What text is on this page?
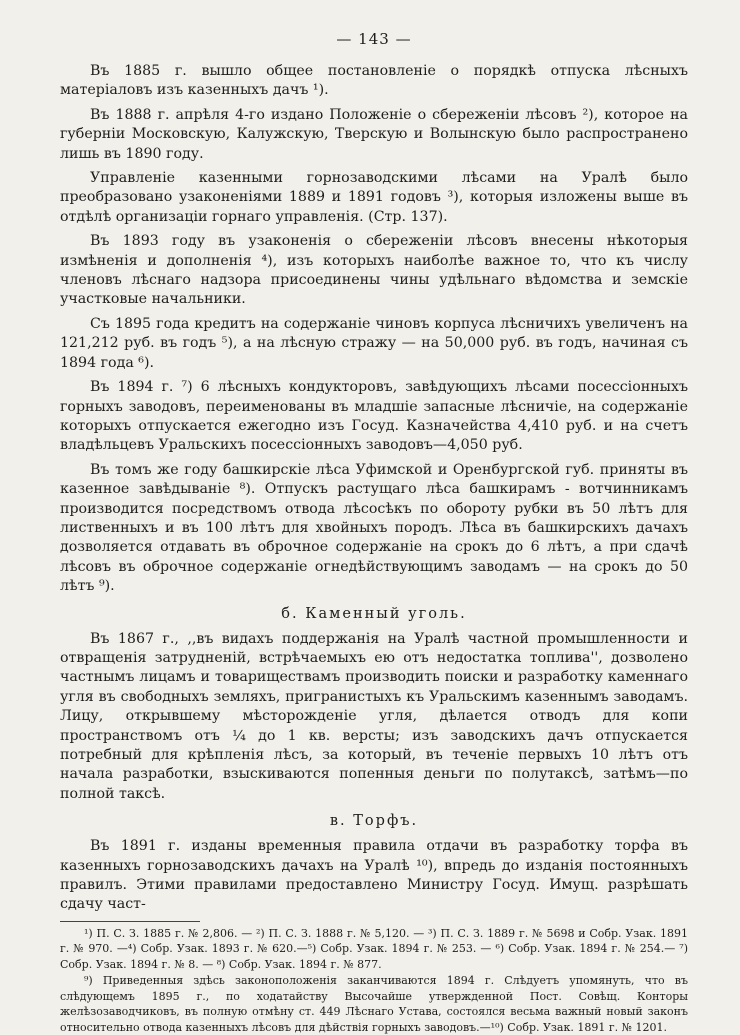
— 143 —

Въ 1885 г. вышло общее постановленіе о порядкѣ отпуска лѣсныхъ матеріаловъ изъ казенныхъ дачъ ¹).

Въ 1888 г. апрѣля 4-го издано Положеніе о сбереженіи лѣсовъ ²), которое на губерніи Московскую, Калужскую, Тверскую и Волынскую было распространено лишь въ 1890 году.

Управленіе казенными горнозаводскими лѣсами на Уралѣ было преобразовано узаконеніями 1889 и 1891 годовъ ³), которыя изложены выше въ отдѣлѣ организаціи горнаго управленія. (Стр. 137).

Въ 1893 году въ узаконенія о сбереженіи лѣсовъ внесены нѣкоторыя измѣненія и дополненія ⁴), изъ которыхъ наиболѣе важное то, что къ числу членовъ лѣснаго надзора присоединены чины удѣльнаго вѣдомства и земскіе участковые начальники.

Съ 1895 года кредитъ на содержаніе чиновъ корпуса лѣсничихъ увеличенъ на 121,212 руб. въ годъ ⁵), а на лѣсную стражу — на 50,000 руб. въ годъ, начиная съ 1894 года ⁶).

Въ 1894 г. ⁷) 6 лѣсныхъ кондукторовъ, завѣдующихъ лѣсами посессіонныхъ горныхъ заводовъ, переименованы въ младшіе запасные лѣсничіе, на содержаніе которыхъ отпускается ежегодно изъ Госуд. Казначейства 4,410 руб. и на счетъ владѣльцевъ Уральскихъ посессіонныхъ заводовъ—4,050 руб.

Въ томъ же году башкирскіе лѣса Уфимской и Оренбургской губ. приняты въ казенное завѣдываніе ⁸). Отпускъ растущаго лѣса башкирамъ - вотчинникамъ производится посредствомъ отвода лѣсосѣкъ по обороту рубки въ 50 лѣтъ для лиственныхъ и въ 100 лѣтъ для хвойныхъ породъ. Лѣса въ башкирскихъ дачахъ дозволяется отдавать въ оброчное содержаніе на срокъ до 6 лѣтъ, а при сдачѣ лѣсовъ въ оброчное содержаніе огнедѣйствующимъ заводамъ — на срокъ до 50 лѣтъ ⁹).

б. Каменный уголь.

Въ 1867 г., ,,въ видахъ поддержанія на Уралѣ частной промышленности и отвращенія затрудненій, встрѣчаемыхъ ею отъ недостатка топлива'', дозволено частнымъ лицамъ и товариществамъ производить поиски и разработку каменнаго угля въ свободныхъ земляхъ, пригранистыхъ къ Уральскимъ казеннымъ заводамъ. Лицу, открывшему мѣсторожденіе угля, дѣлается отводъ для копи пространствомъ отъ ¼ до 1 кв. версты; изъ заводскихъ дачъ отпускается потребный для крѣпленія лѣсъ, за который, въ теченіе первыхъ 10 лѣтъ отъ начала разработки, взыскиваются попенныя деньги по полутаксѣ, затѣмъ—по полной таксѣ.

в. Торфъ.

Въ 1891 г. изданы временныя правила отдачи въ разработку торфа въ казенныхъ горнозаводскихъ дачахъ на Уралѣ ¹⁰), впредь до изданія постоянныхъ правилъ. Этими правилами предоставлено Министру Госуд. Имущ. разрѣшать сдачу част-

¹) П. С. З. 1885 г. № 2,806. — ²) П. С. З. 1888 г. № 5,120. — ³) П. С. З. 1889 г. № 5698 и Собр. Узак. 1891 г. № 970. —⁴) Собр. Узак. 1893 г. № 620.—⁵) Собр. Узак. 1894 г. № 253. — ⁶) Собр. Узак. 1894 г. № 254.— ⁷) Собр. Узак. 1894 г. № 8. — ⁸) Собр. Узак. 1894 г. № 877.

⁹) Приведенныя здѣсь законоположенія заканчиваются 1894 г. Слѣдуетъ упомянуть, что въ слѣдующемъ 1895 г., по ходатайству Высочайше утвержденной Пост. Совѣщ. Конторы желѣзозаводчиковъ, въ полную отмѣну ст. 449 Лѣснаго Устава, состоялся весьма важный новый законъ относительно отвода казенныхъ лѣсовъ для дѣйствія горныхъ заводовъ.—¹⁰) Собр. Узак. 1891 г. № 1201.
